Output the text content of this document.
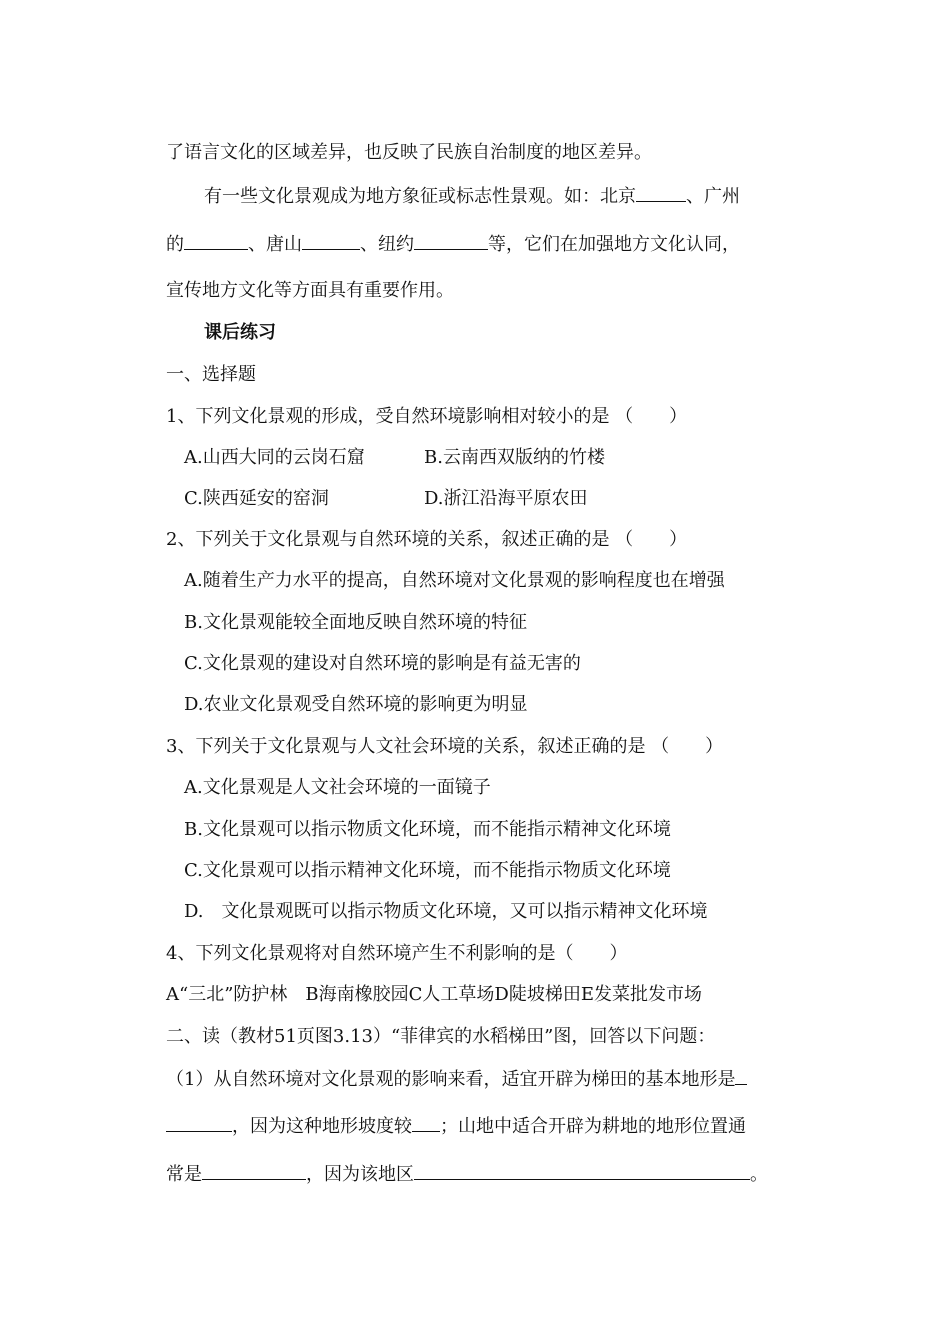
了语言文化的区域差异，也反映了民族自治制度的地区差异。
有一些文化景观成为地方象征或标志性景观。如：北京	、广州
的	、唐山	、纽约	等，它们在加强地方文化认同，
宣传地方文化等方面具有重要作用。
课后练习
一、选择题
1、下列文化景观的形成，受自然环境影响相对较小的是 （　　）
A.山西大同的云岗石窟	B.云南西双版纳的竹楼
C.陕西延安的窑洞	D.浙江沿海平原农田
2、下列关于文化景观与自然环境的关系，叙述正确的是 （　　）
A.随着生产力水平的提高，自然环境对文化景观的影响程度也在增强
B.文化景观能较全面地反映自然环境的特征
C.文化景观的建设对自然环境的影响是有益无害的
D.农业文化景观受自然环境的影响更为明显
3、下列关于文化景观与人文社会环境的关系，叙述正确的是 （　　）
A.文化景观是人文社会环境的一面镜子
B.文化景观可以指示物质文化环境，而不能指示精神文化环境
C.文化景观可以指示精神文化环境，而不能指示物质文化环境
D.　文化景观既可以指示物质文化环境，又可以指示精神文化环境
4、下列文化景观将对自然环境产生不利影响的是（　　）
A“三北”防护林　B海南橡胶园C人工草场D陡坡梯田E发菜批发市场
二、读（教材51页图3.13）“菲律宾的水稻梯田”图，回答以下问题：
（1）从自然环境对文化景观的影响来看，适宜开辟为梯田的基本地形是
，因为这种地形坡度较 ；山地中适合开辟为耕地的地形位置通
常是	，因为该地区	。
